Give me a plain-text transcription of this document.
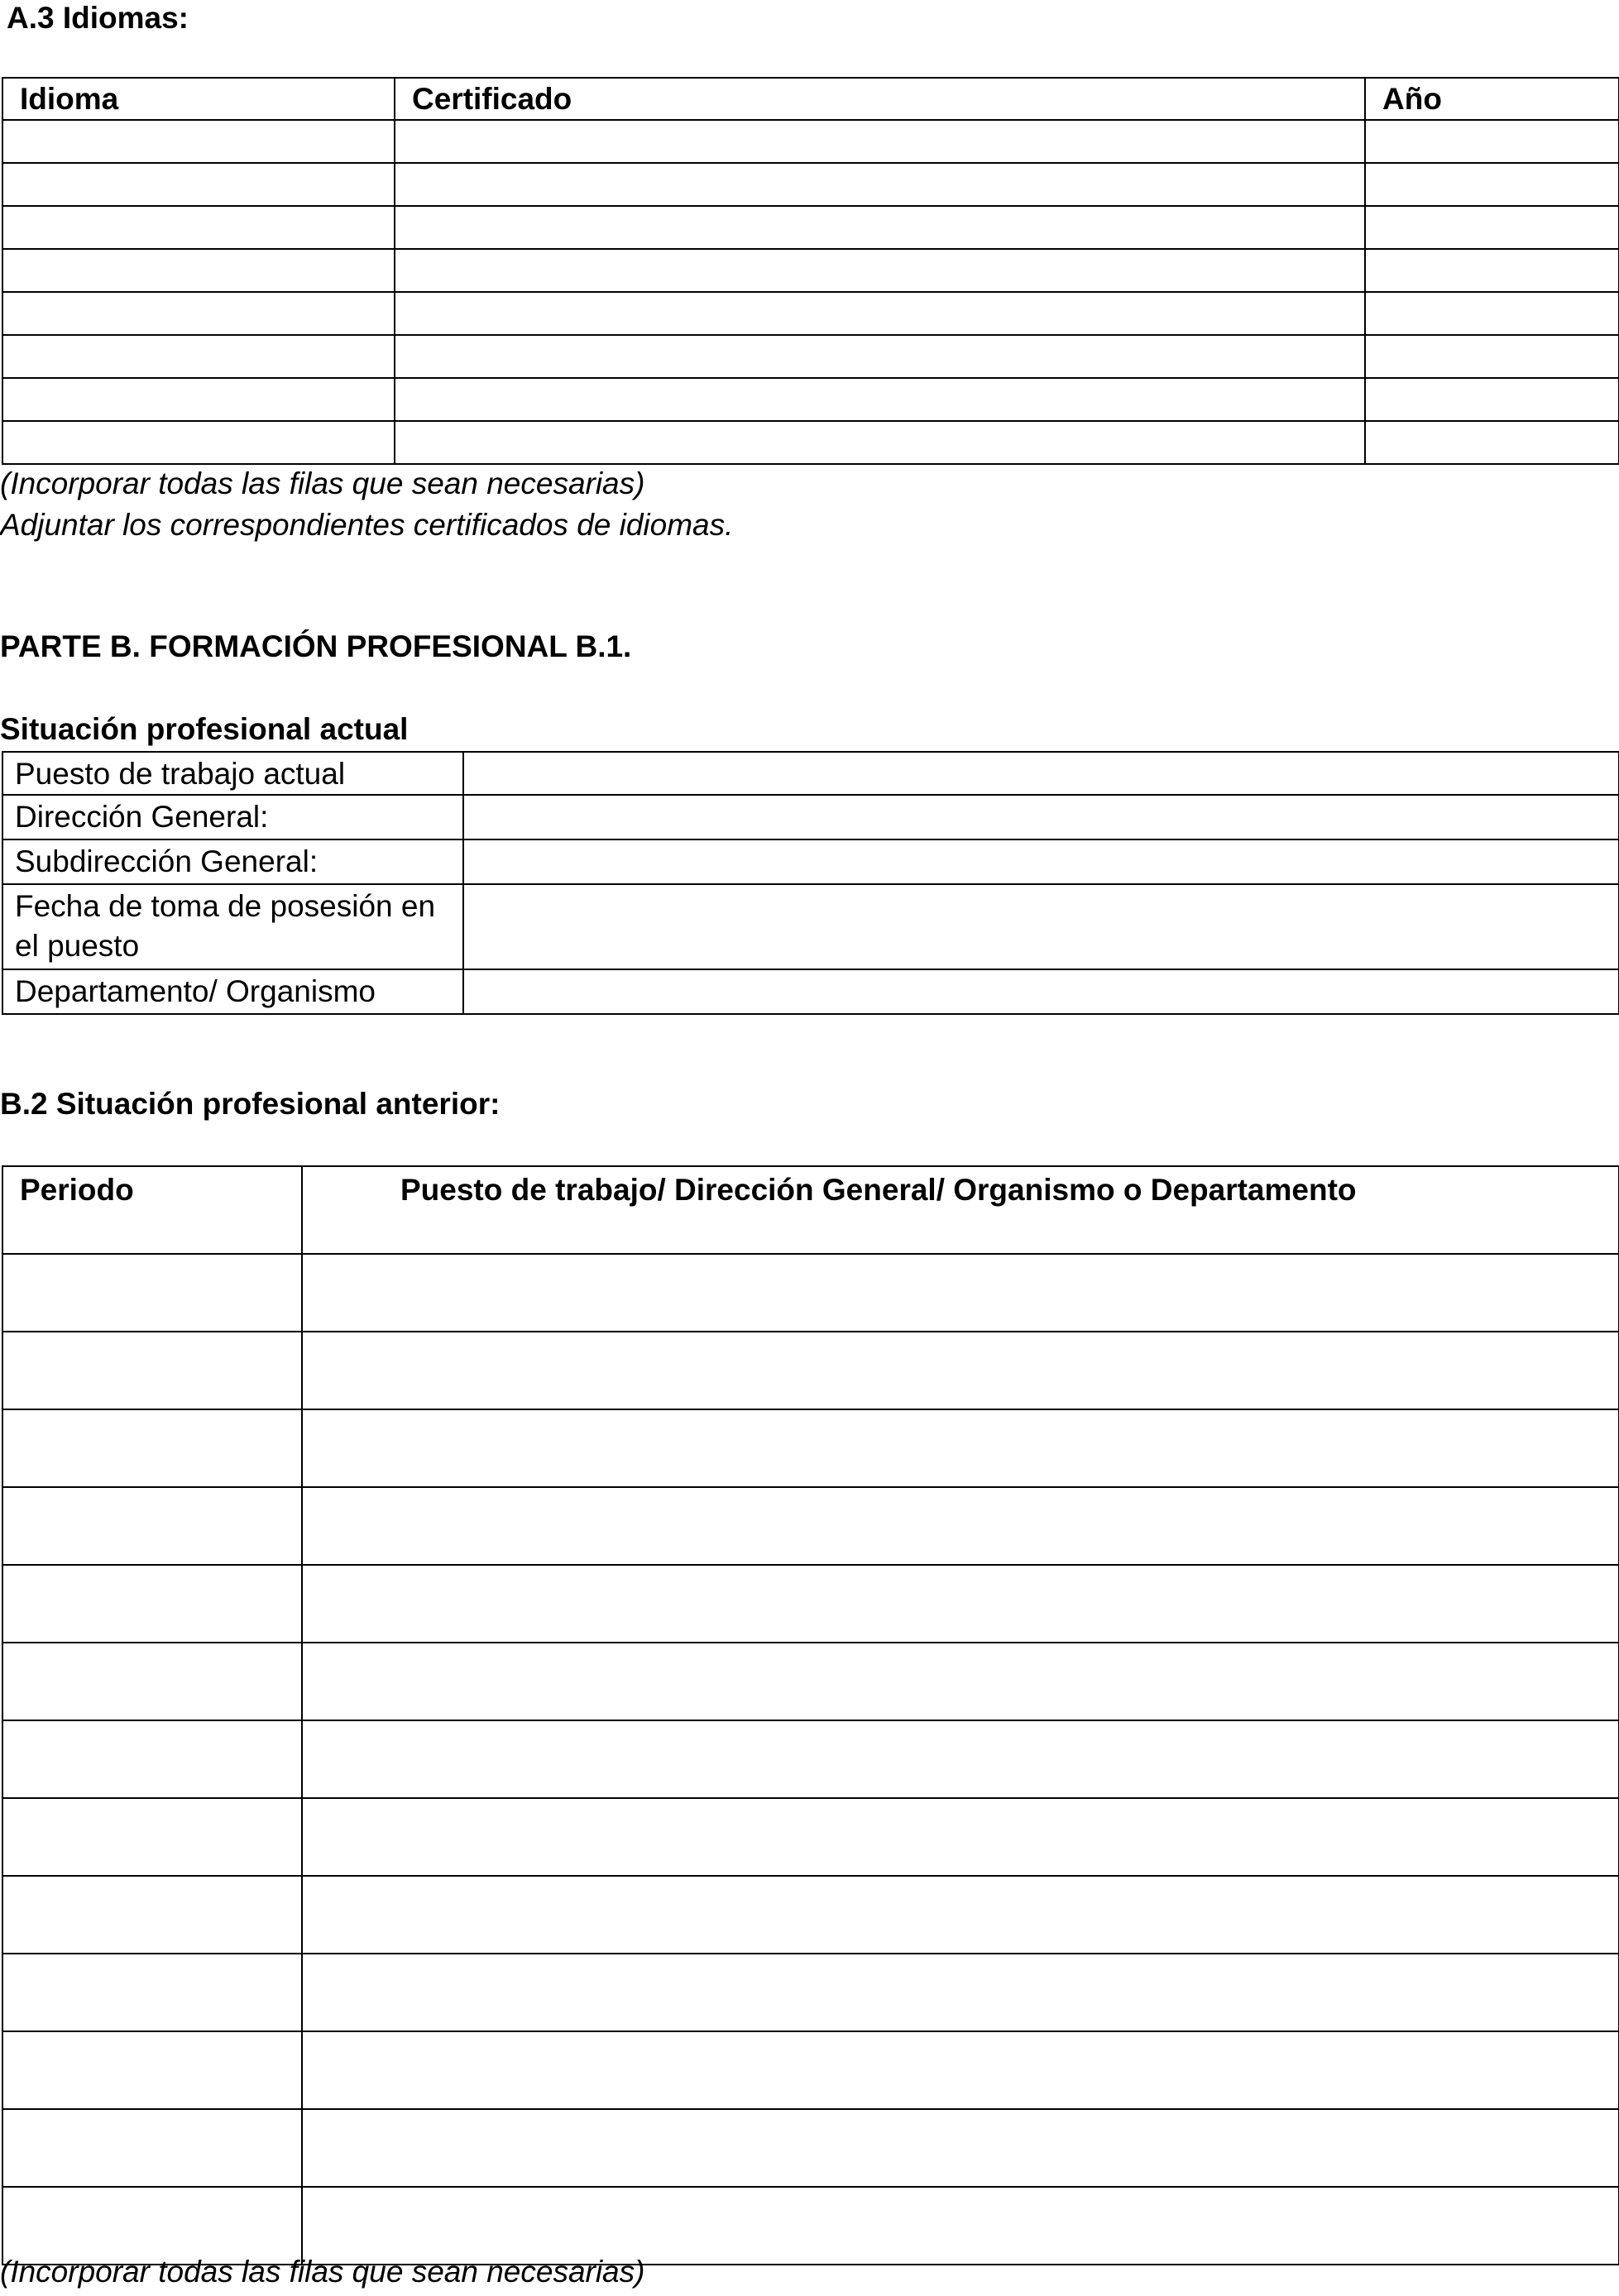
A.3 Idiomas:
Idioma	Certificado	Año

(Incorporar todas las filas que sean necesarias)

Adjuntar los correspondientes certificados de idiomas.

PARTE B. FORMACIÓN PROFESIONAL B.1.
Situación profesional actual
Puesto de trabajo actual	
Dirección General:	
Subdirección General:	
Fecha de toma de posesión en el puesto	
Departamento/ Organismo	
B.2 Situación profesional anterior:
Periodo	Puesto de trabajo/ Dirección General/ Organismo o Departamento

(Incorporar todas las filas que sean necesarias)
